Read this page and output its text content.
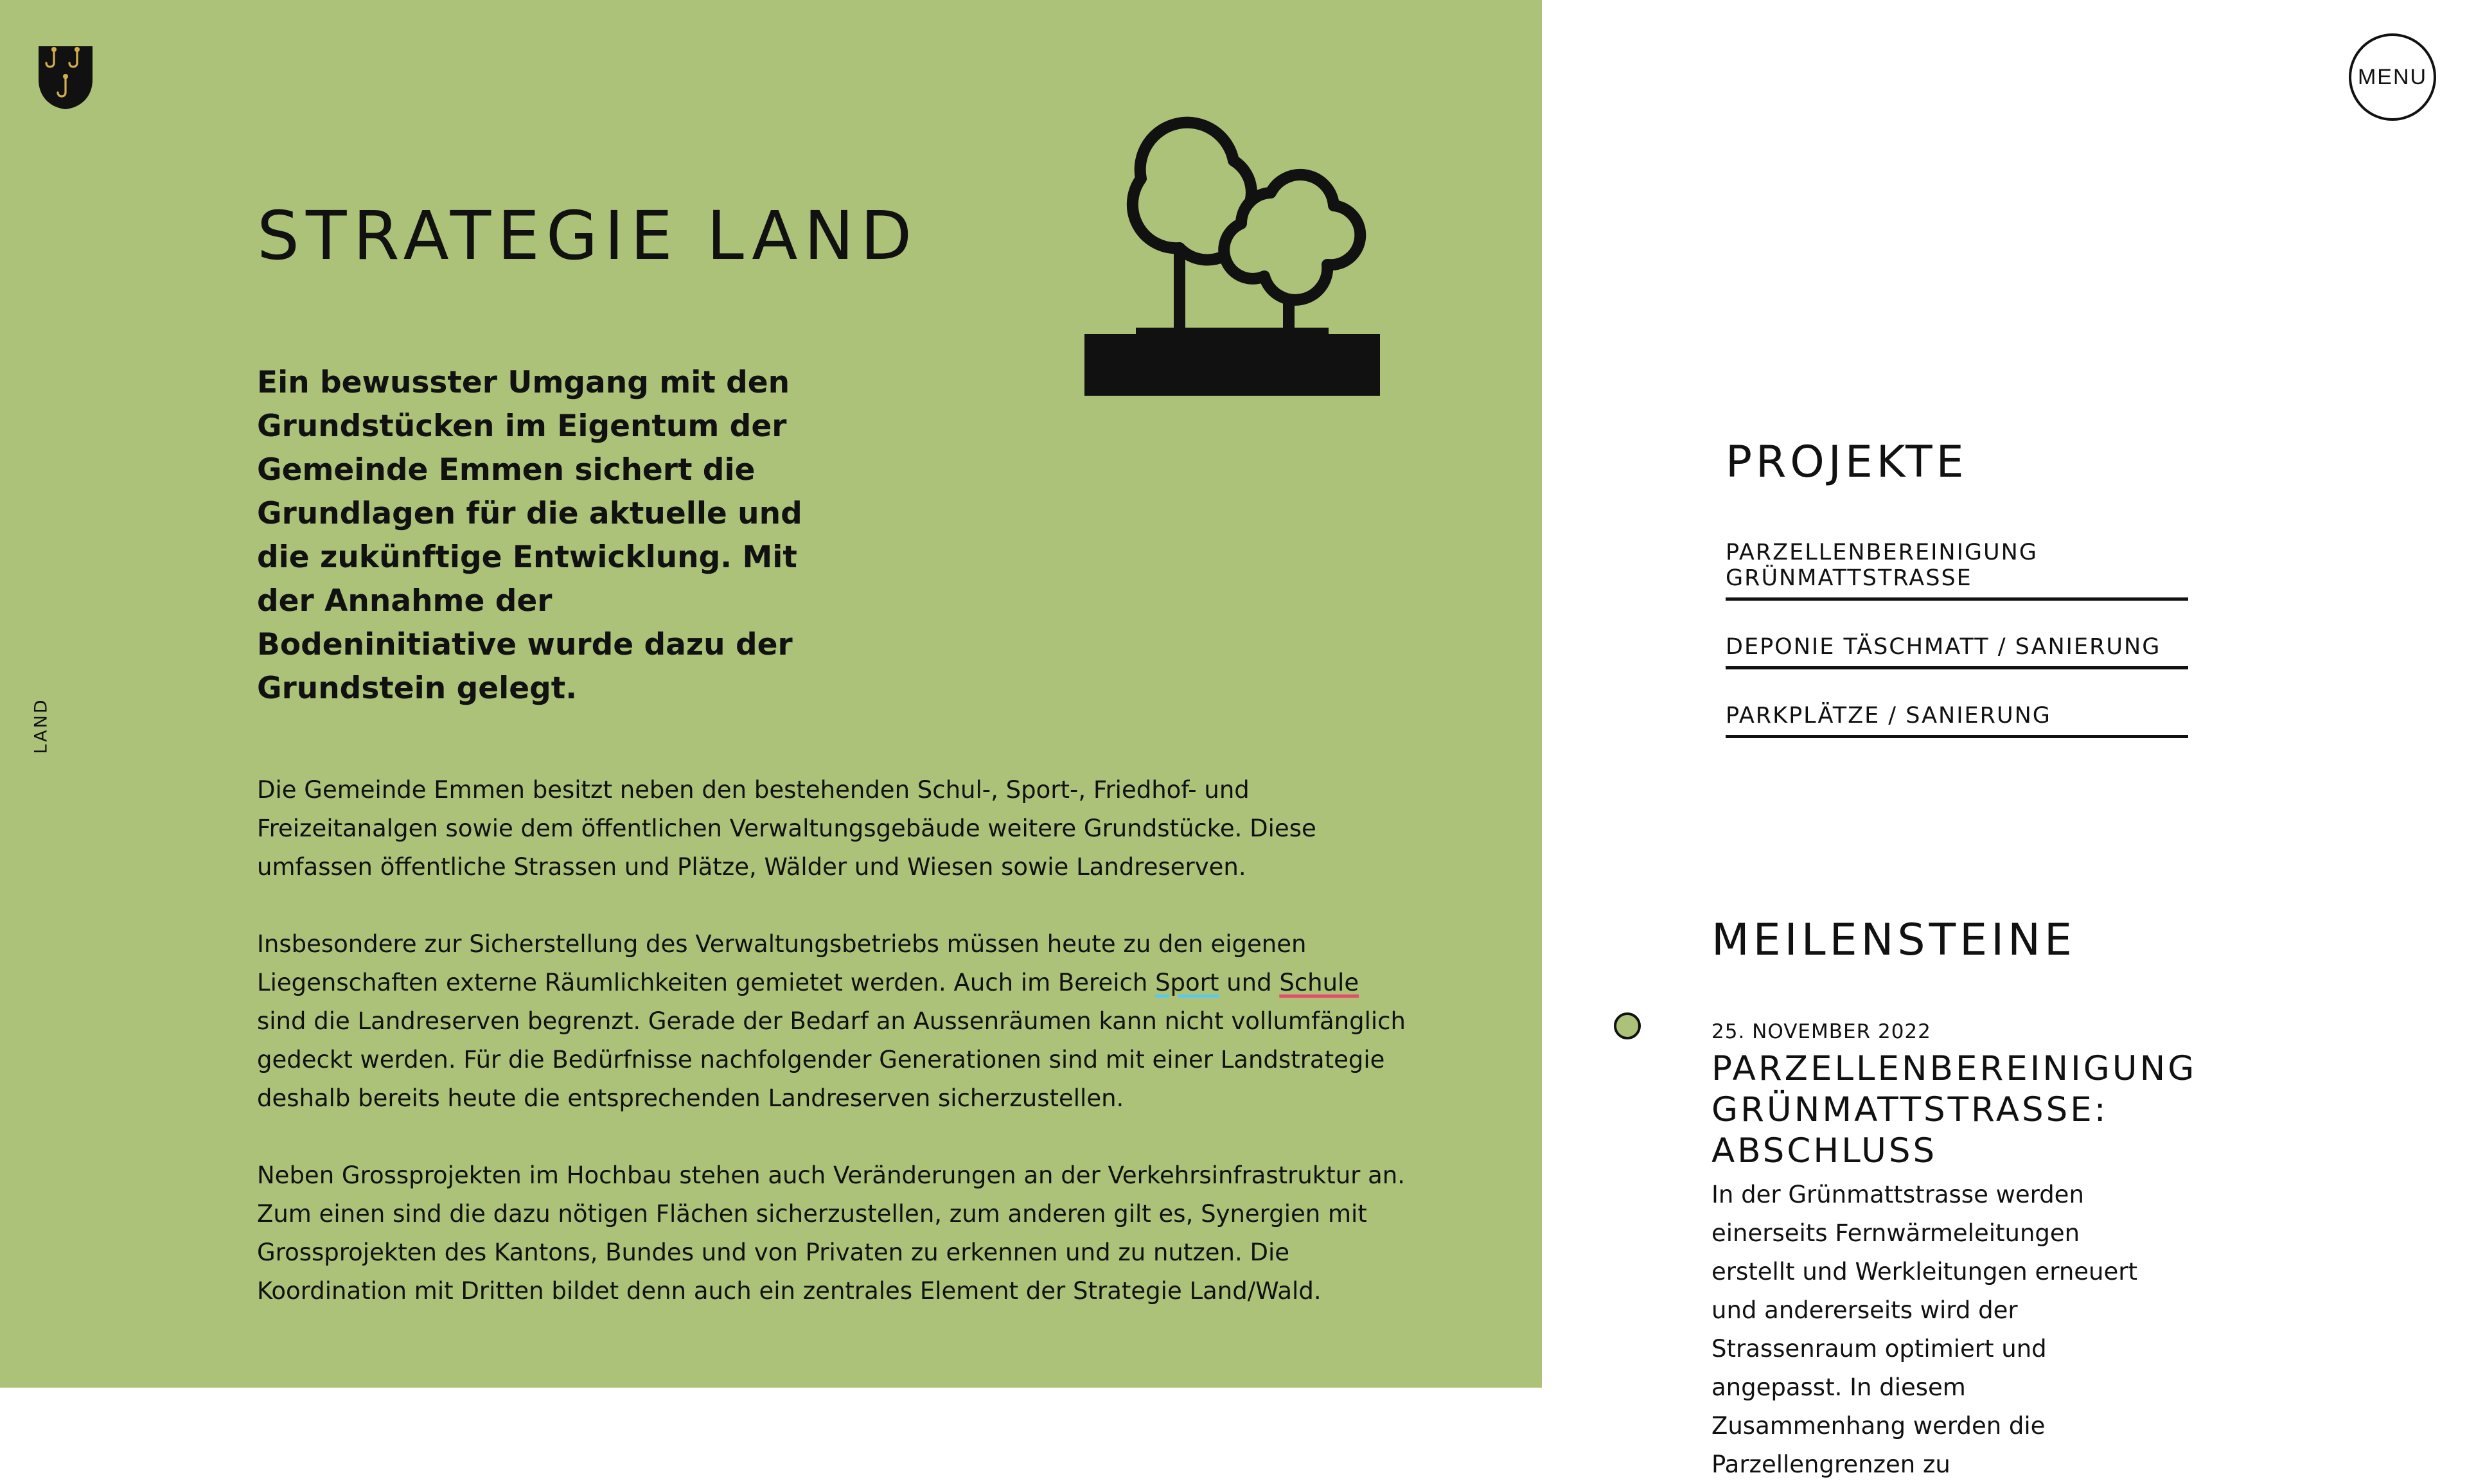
LAND
STRATEGIE LAND

Ein bewusster Umgang mit den Grundstücken im Eigentum der Gemeinde Emmen sichert die Grundlagen für die aktuelle und die zukünftige Entwicklung. Mit der Annahme der Bodeninitiative wurde dazu der Grundstein gelegt.

Die Gemeinde Emmen besitzt neben den bestehenden Schul-, Sport-, Friedhof- und Freizeitanalgen sowie dem öffentlichen Verwaltungsgebäude weitere Grundstücke. Diese umfassen öffentliche Strassen und Plätze, Wälder und Wiesen sowie Landreserven.

Insbesondere zur Sicherstellung des Verwaltungsbetriebs müssen heute zu den eigenen Liegenschaften externe Räumlichkeiten gemietet werden. Auch im Bereich Sport und Schule sind die Landreserven begrenzt. Gerade der Bedarf an Aussenräumen kann nicht vollumfänglich gedeckt werden. Für die Bedürfnisse nachfolgender Generationen sind mit einer Landstrategie deshalb bereits heute die entsprechenden Landreserven sicherzustellen.

Neben Grossprojekten im Hochbau stehen auch Veränderungen an der Verkehrsinfrastruktur an. Zum einen sind die dazu nötigen Flächen sicherzustellen, zum anderen gilt es, Synergien mit Grossprojekten des Kantons, Bundes und von Privaten zu erkennen und zu nutzen. Die Koordination mit Dritten bildet denn auch ein zentrales Element der Strategie Land/Wald.

MENU
PROJEKTE
PARZELLENBEREINIGUNG
GRÜNMATTSTRASSE
DEPONIE TÄSCHMATT / SANIERUNG
PARKPLÄTZE / SANIERUNG
MEILENSTEINE
25. NOVEMBER 2022
PARZELLENBEREINIGUNG GRÜNMATTSTRASSE: ABSCHLUSS

In der Grünmattstrasse werden einerseits Fernwärmeleitungen erstellt und Werkleitungen erneuert und andererseits wird der Strassenraum optimiert und angepasst. In diesem Zusammenhang werden die Parzellengrenzen zu
